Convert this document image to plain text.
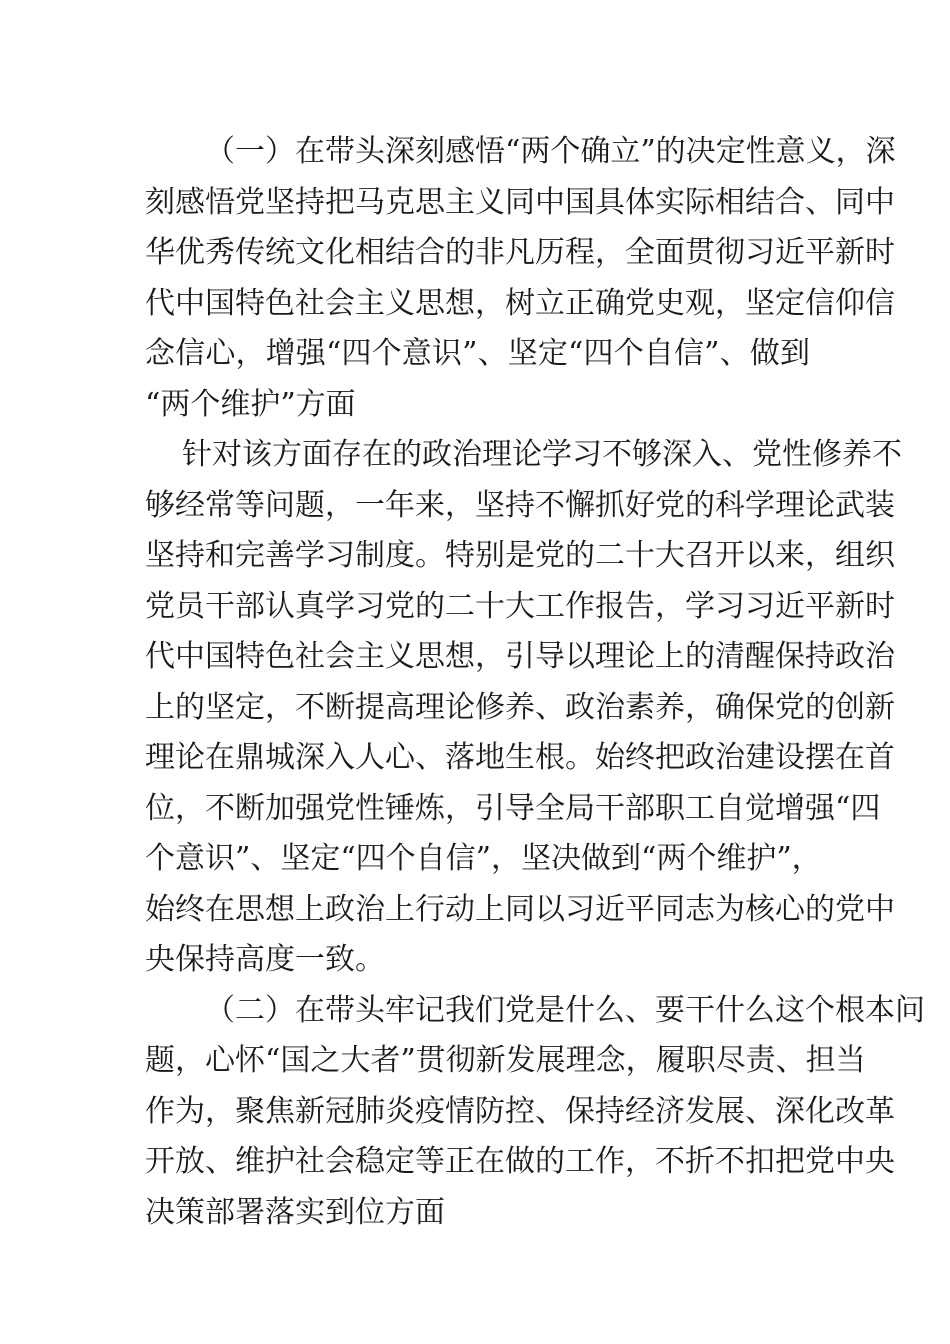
（一）在带头深刻感悟“两个确立”的决定性意义，深
刻感悟党坚持把马克思主义同中国具体实际相结合、同中
华优秀传统文化相结合的非凡历程，全面贯彻习近平新时
代中国特色社会主义思想，树立正确党史观，坚定信仰信
念信心，增强“四个意识”、坚定“四个自信”、做到
“两个维护”方面
针对该方面存在的政治理论学习不够深入、党性修养不
够经常等问题，一年来，坚持不懈抓好党的科学理论武装
坚持和完善学习制度。特别是党的二十大召开以来，组织
党员干部认真学习党的二十大工作报告，学习习近平新时
代中国特色社会主义思想，引导以理论上的清醒保持政治
上的坚定，不断提高理论修养、政治素养，确保党的创新
理论在鼎城深入人心、落地生根。始终把政治建设摆在首
位，不断加强党性锤炼，引导全局干部职工自觉增强“四
个意识”、坚定“四个自信”，坚决做到“两个维护”，
始终在思想上政治上行动上同以习近平同志为核心的党中
央保持高度一致。
（二）在带头牢记我们党是什么、要干什么这个根本问
题，心怀“国之大者”贯彻新发展理念，履职尽责、担当
作为，聚焦新冠肺炎疫情防控、保持经济发展、深化改革
开放、维护社会稳定等正在做的工作，不折不扣把党中央
决策部署落实到位方面
